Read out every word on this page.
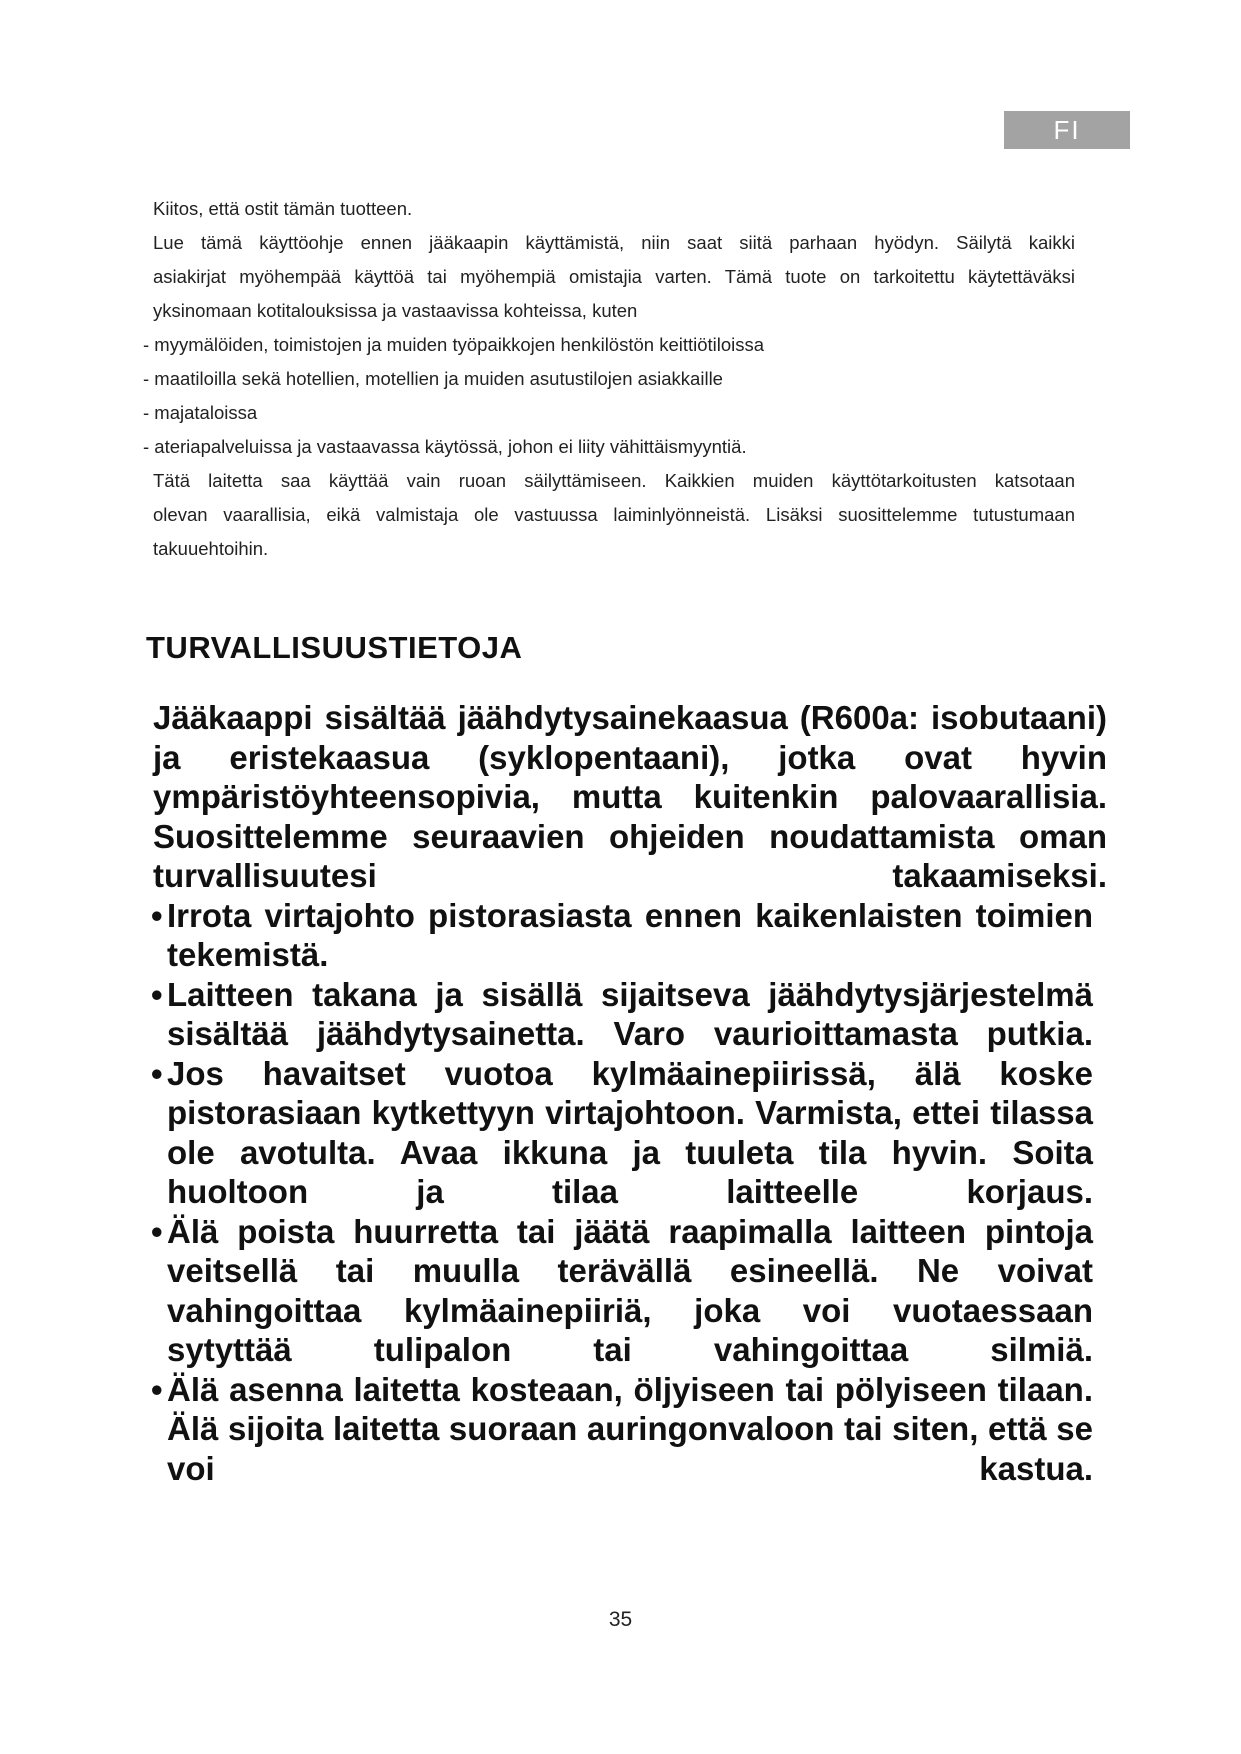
FI

Kiitos, että ostit tämän tuotteen.

Lue tämä käyttöohje ennen jääkaapin käyttämistä, niin saat siitä parhaan hyödyn. Säilytä kaikki

asiakirjat myöhempää käyttöä tai myöhempiä omistajia varten. Tämä tuote on tarkoitettu käytettäväksi

yksinomaan kotitalouksissa ja vastaavissa kohteissa, kuten

- myymälöiden, toimistojen ja muiden työpaikkojen henkilöstön keittiötiloissa

- maatiloilla sekä hotellien, motellien ja muiden asutustilojen asiakkaille

- majataloissa

- ateriapalveluissa ja vastaavassa käytössä, johon ei liity vähittäismyyntiä.

Tätä laitetta saa käyttää vain ruoan säilyttämiseen. Kaikkien muiden käyttötarkoitusten katsotaan

olevan vaarallisia, eikä valmistaja ole vastuussa laiminlyönneistä. Lisäksi suosittelemme tutustumaan

takuuehtoihin.

TURVALLISUUSTIETOJA

Jääkaappi sisältää jäähdytysainekaasua (R600a: isobutaani) ja eristekaasua (syklopentaani), jotka ovat hyvin ympäristöyhteensopivia, mutta kuitenkin palovaarallisia.

Suosittelemme seuraavien ohjeiden noudattamista oman turvallisuutesi takaamiseksi.

• Irrota virtajohto pistorasiasta ennen kaikenlaisten toimien tekemistä.
• Laitteen takana ja sisällä sijaitseva jäähdytysjärjestelmä sisältää jäähdytysainetta. Varo vaurioittamasta putkia.
• Jos havaitset vuotoa kylmäainepiirissä, älä koske pistorasiaan kytkettyyn virtajohtoon. Varmista, ettei tilassa ole avotulta. Avaa ikkuna ja tuuleta tila hyvin. Soita huoltoon ja tilaa laitteelle korjaus.
• Älä poista huurretta tai jäätä raapimalla laitteen pintoja veitsellä tai muulla terävällä esineellä. Ne voivat vahingoittaa kylmäainepiiriä, joka voi vuotaessaan sytyttää tulipalon tai vahingoittaa silmiä.
• Älä asenna laitetta kosteaan, öljyiseen tai pölyiseen tilaan. Älä sijoita laitetta suoraan auringonvaloon tai siten, että se voi kastua.
35
